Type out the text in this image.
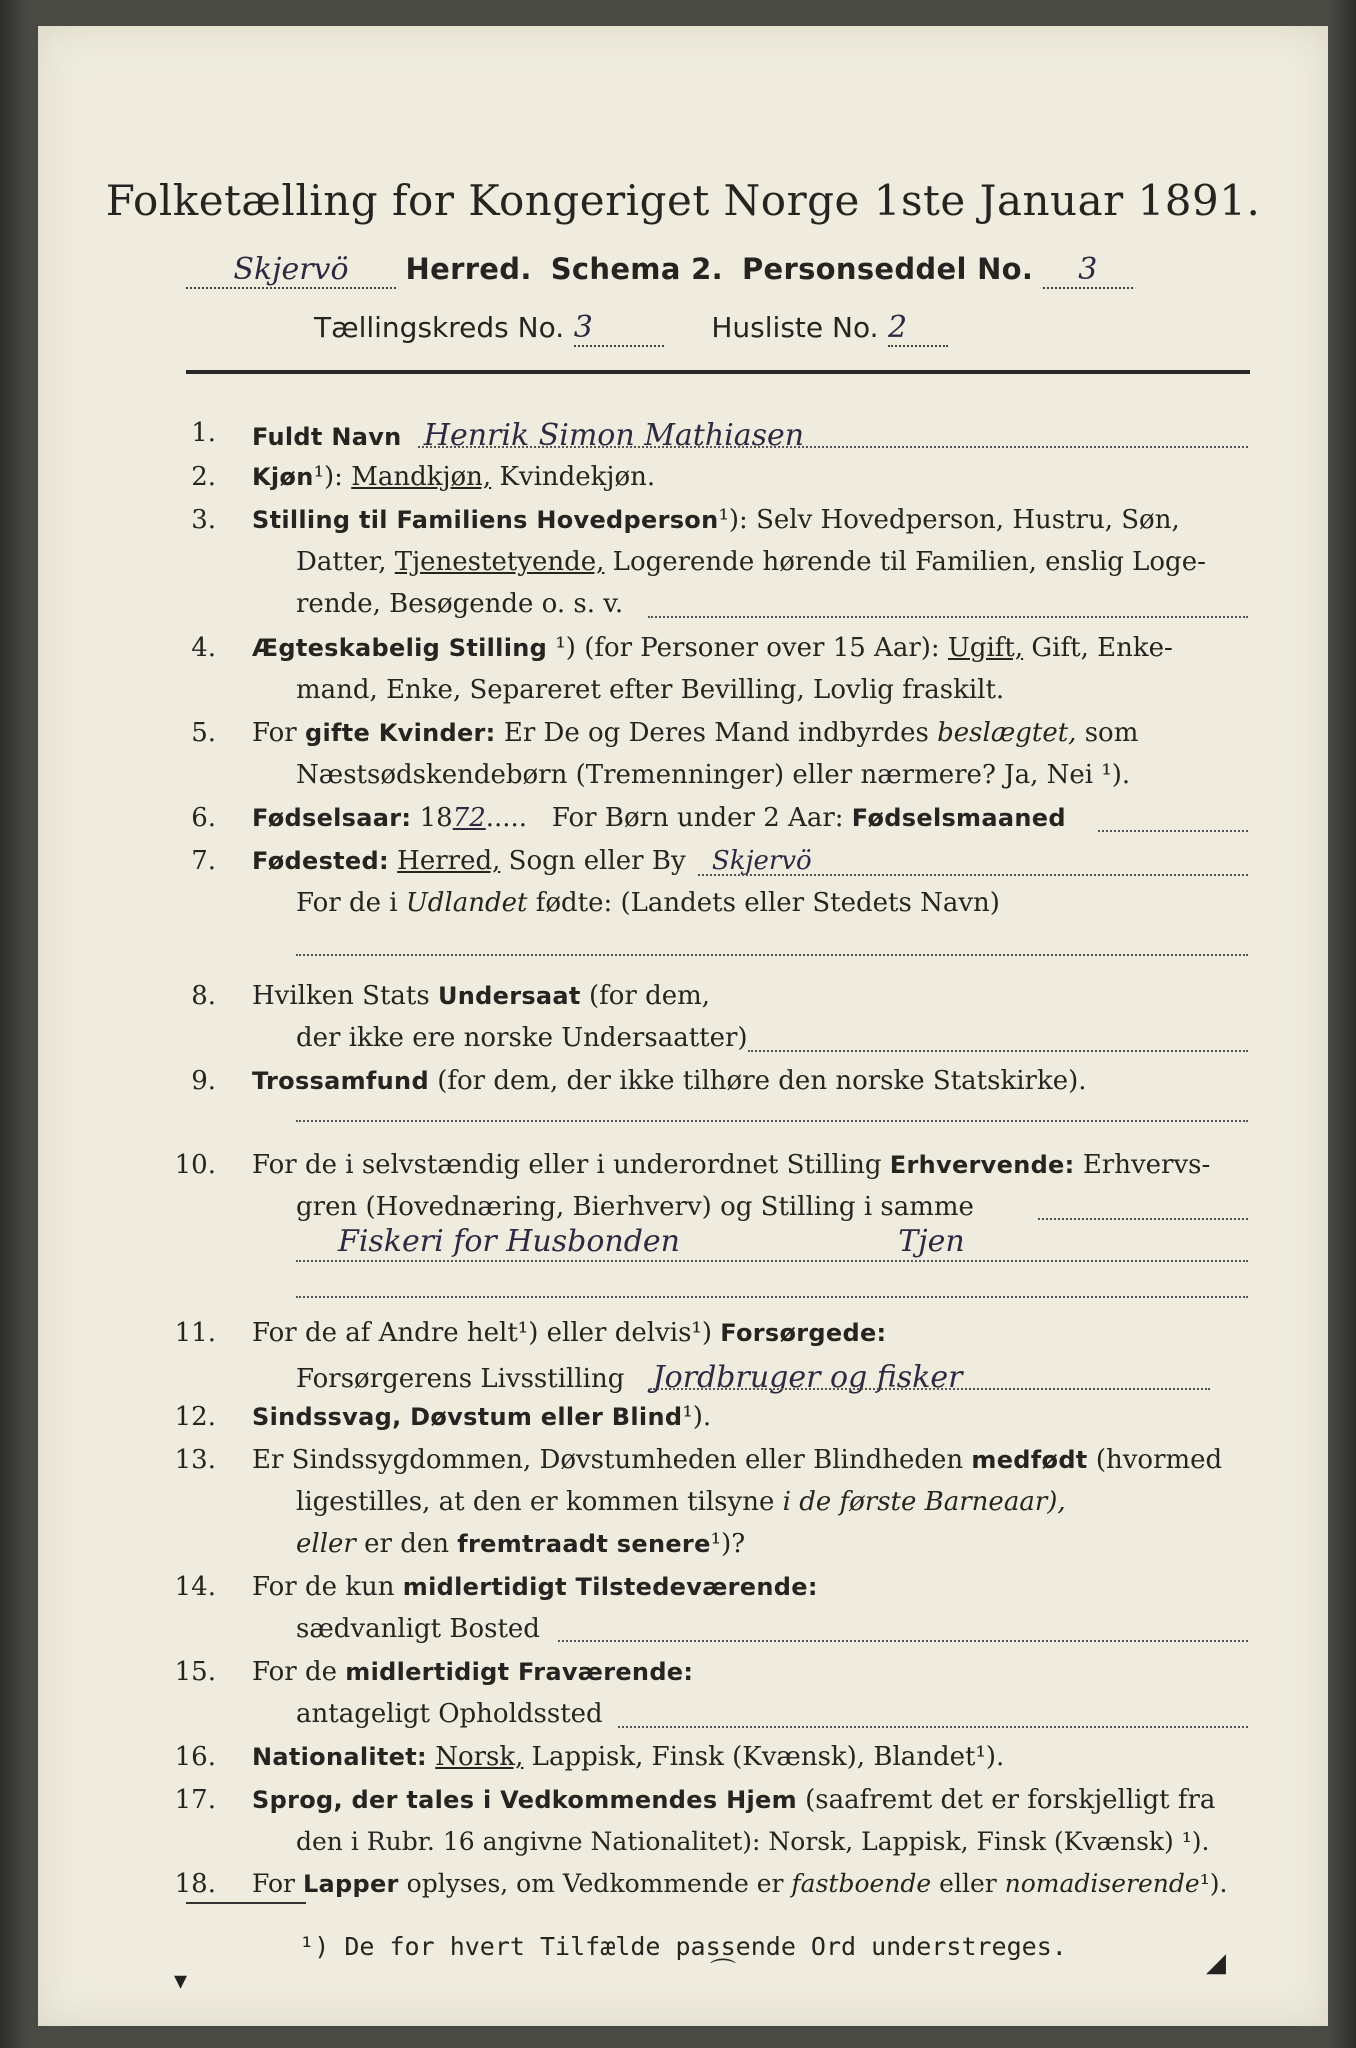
Folketælling for Kongeriget Norge 1ste Januar 1891.
Skjervö Herred. Schema 2. Personseddel No. 3
Tællingskreds No. 3	Husliste No. 2
1. Fuldt Navn Henrik Simon Mathiasen
2. Kjøn¹): Mandkjøn, Kvindekjøn.
3. Stilling til Familiens Hovedperson¹): Selv Hovedperson, Hustru, Søn,
Datter, Tjenestetyende, Logerende hørende til Familien, enslig Loge-
rende, Besøgende o. s. v.
4. Ægteskabelig Stilling ¹) (for Personer over 15 Aar): Ugift, Gift, Enke-
mand, Enke, Separeret efter Bevilling, Lovlig fraskilt.
5. For gifte Kvinder: Er De og Deres Mand indbyrdes beslægtet, som
Næstsødskendebørn (Tremenninger) eller nærmere? Ja, Nei ¹).
6. Fødselsaar: 1872..... For Børn under 2 Aar: Fødselsmaaned
7. Fødested: Herred, Sogn eller By Skjervö
For de i Udlandet fødte: (Landets eller Stedets Navn)
8. Hvilken Stats Undersaat (for dem,
der ikke ere norske Undersaatter)
9. Trossamfund (for dem, der ikke tilhøre den norske Statskirke).
10. For de i selvstændig eller i underordnet Stilling Erhvervende: Erhvervs-
gren (Hovednæring, Bierhverv) og Stilling i samme
Fiskeri for Husbonden	Tjen
11. For de af Andre helt¹) eller delvis¹) Forsørgede:
Forsørgerens Livsstilling Jordbruger og fisker
12. Sindssvag, Døvstum eller Blind¹).
13. Er Sindssygdommen, Døvstumheden eller Blindheden medfødt (hvormed
ligestilles, at den er kommen tilsyne i de første Barneaar),
eller er den fremtraadt senere¹)?
14. For de kun midlertidigt Tilstedeværende:
sædvanligt Bosted
15. For de midlertidigt Fraværende:
antageligt Opholdssted
16. Nationalitet: Norsk, Lappisk, Finsk (Kvænsk), Blandet¹).
17. Sprog, der tales i Vedkommendes Hjem (saafremt det er forskjelligt fra
den i Rubr. 16 angivne Nationalitet): Norsk, Lappisk, Finsk (Kvænsk) ¹).
18. For Lapper oplyses, om Vedkommende er fastboende eller nomadiserende¹).
¹) De for hvert Tilfælde passende Ord understreges.
▾	⌒	◢
